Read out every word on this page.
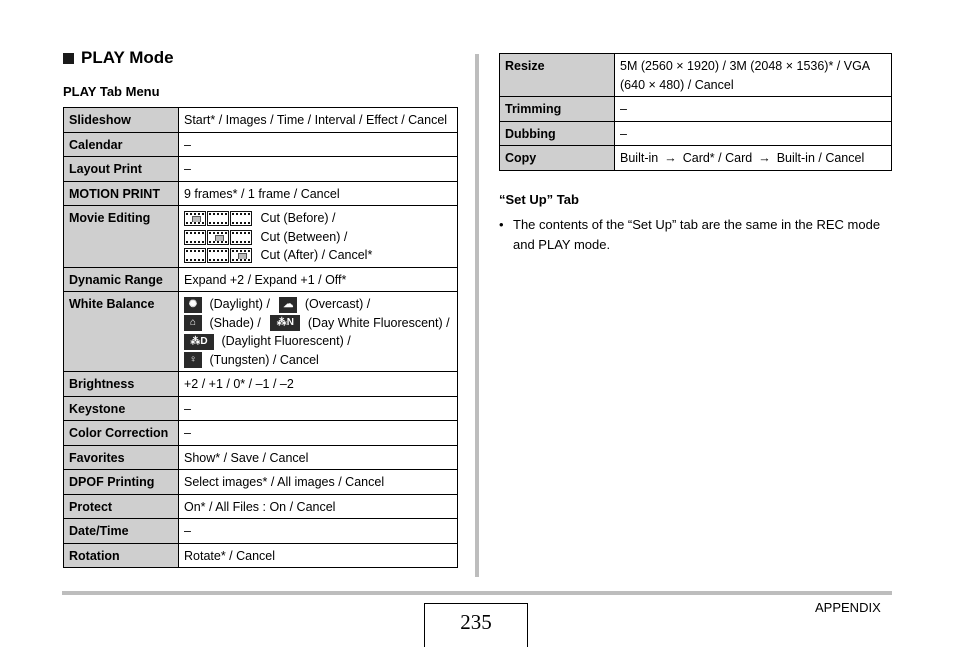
PLAY Mode
PLAY Tab Menu
Slideshow	Start* / Images / Time / Interval / Effect / Cancel
Calendar	–
Layout Print	–
MOTION PRINT	9 frames* / 1 frame / Cancel
Movie Editing	Cut (Before) /
Cut (Between) /
Cut (After) / Cancel*

Dynamic Range	Expand +2 / Expand +1 / Off*
White Balance	✺ (Daylight) / ☁ (Overcast) /
⌂ (Shade) / ⁂N (Day White Fluorescent) /
⁂D (Daylight Fluorescent) /
♀ (Tungsten) / Cancel

Brightness	+2 / +1 / 0* / –1 / –2
Keystone	–
Color Correction	–
Favorites	Show* / Save / Cancel
DPOF Printing	Select images* / All images / Cancel
Protect	On* / All Files : On / Cancel
Date/Time	–
Rotation	Rotate* / Cancel
Resize	5M (2560 × 1920) / 3M (2048 × 1536)* / VGA (640 × 480) / Cancel
Trimming	–
Dubbing	–
Copy	Built-in → Card* / Card → Built-in / Cancel
“Set Up” Tab
• The contents of the “Set Up” tab are the same in the REC mode and PLAY mode.
235
APPENDIX
